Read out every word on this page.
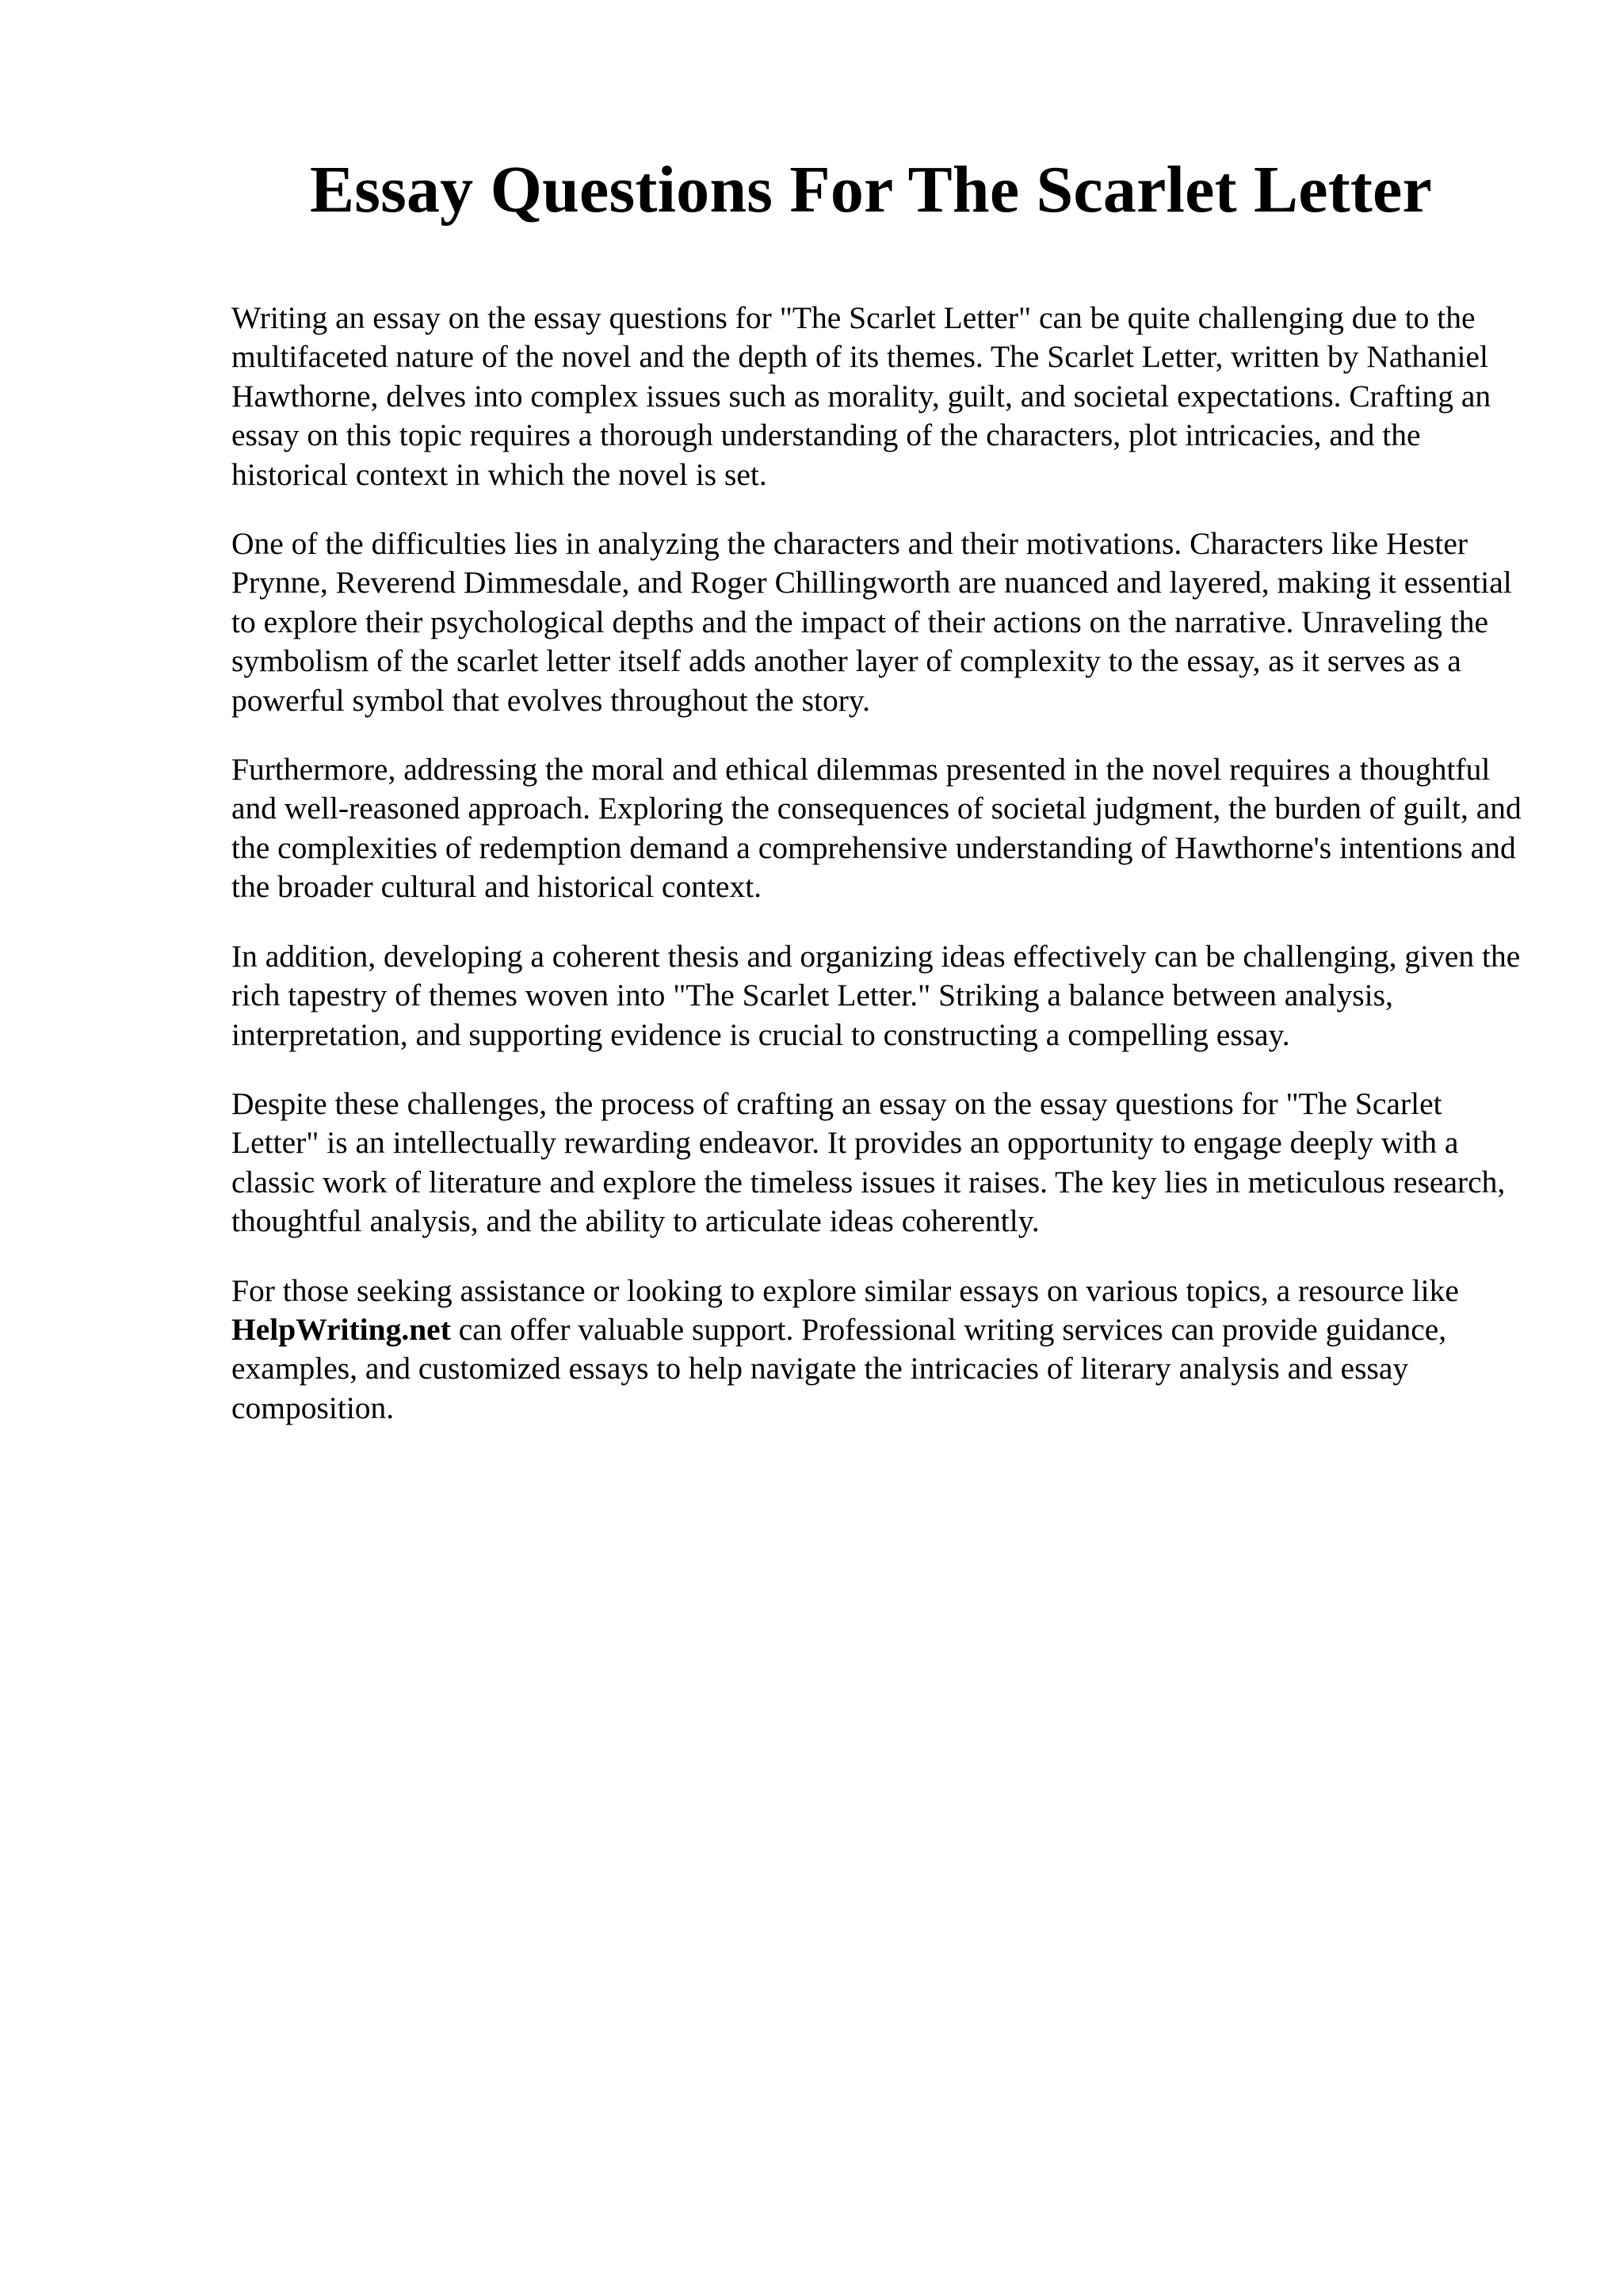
Essay Questions For The Scarlet Letter

Writing an essay on the essay questions for "The Scarlet Letter" can be quite challenging due to the multifaceted nature of the novel and the depth of its themes. The Scarlet Letter, written by Nathaniel Hawthorne, delves into complex issues such as morality, guilt, and societal expectations. Crafting an essay on this topic requires a thorough understanding of the characters, plot intricacies, and the historical context in which the novel is set.

One of the difficulties lies in analyzing the characters and their motivations. Characters like Hester Prynne, Reverend Dimmesdale, and Roger Chillingworth are nuanced and layered, making it essential to explore their psychological depths and the impact of their actions on the narrative. Unraveling the symbolism of the scarlet letter itself adds another layer of complexity to the essay, as it serves as a powerful symbol that evolves throughout the story.

Furthermore, addressing the moral and ethical dilemmas presented in the novel requires a thoughtful and well-reasoned approach. Exploring the consequences of societal judgment, the burden of guilt, and the complexities of redemption demand a comprehensive understanding of Hawthorne's intentions and the broader cultural and historical context.

In addition, developing a coherent thesis and organizing ideas effectively can be challenging, given the rich tapestry of themes woven into "The Scarlet Letter." Striking a balance between analysis, interpretation, and supporting evidence is crucial to constructing a compelling essay.

Despite these challenges, the process of crafting an essay on the essay questions for "The Scarlet Letter" is an intellectually rewarding endeavor. It provides an opportunity to engage deeply with a classic work of literature and explore the timeless issues it raises. The key lies in meticulous research, thoughtful analysis, and the ability to articulate ideas coherently.

For those seeking assistance or looking to explore similar essays on various topics, a resource like HelpWriting.net can offer valuable support. Professional writing services can provide guidance, examples, and customized essays to help navigate the intricacies of literary analysis and essay composition.
